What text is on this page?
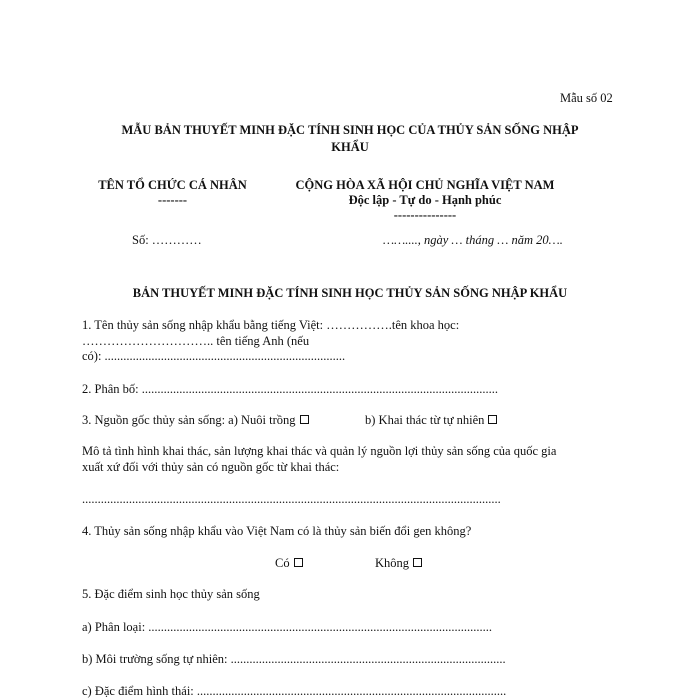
Mẫu số 02
MẪU BẢN THUYẾT MINH ĐẶC TÍNH SINH HỌC CỦA THỦY SẢN SỐNG NHẬP
KHẨU
TÊN TỔ CHỨC CÁ NHÂN
-------
CỘNG HÒA XÃ HỘI CHỦ NGHĨA VIỆT NAM
Độc lập - Tự do - Hạnh phúc
---------------
Số: …………	……...., ngày … tháng … năm 20….
BẢN THUYẾT MINH ĐẶC TÍNH SINH HỌC THỦY SẢN SỐNG NHẬP KHẨU
1. Tên thủy sản sống nhập khẩu bằng tiếng Việt: …………….tên khoa học:
………………………….. tên tiếng Anh (nếu
có): .............................................................................
2. Phân bố: ..................................................................................................................
3. Nguồn gốc thủy sản sống: a) Nuôi trồng	b) Khai thác từ tự nhiên
Mô tả tình hình khai thác, sản lượng khai thác và quản lý nguồn lợi thủy sản sống của quốc gia
xuất xứ đối với thủy sản có nguồn gốc từ khai thác:
......................................................................................................................................
4. Thủy sản sống nhập khẩu vào Việt Nam có là thủy sản biến đổi gen không?
Có	Không
5. Đặc điểm sinh học thủy sản sống
a) Phân loại: ..............................................................................................................
b) Môi trường sống tự nhiên: ........................................................................................
c) Đặc điểm hình thái: ...................................................................................................
